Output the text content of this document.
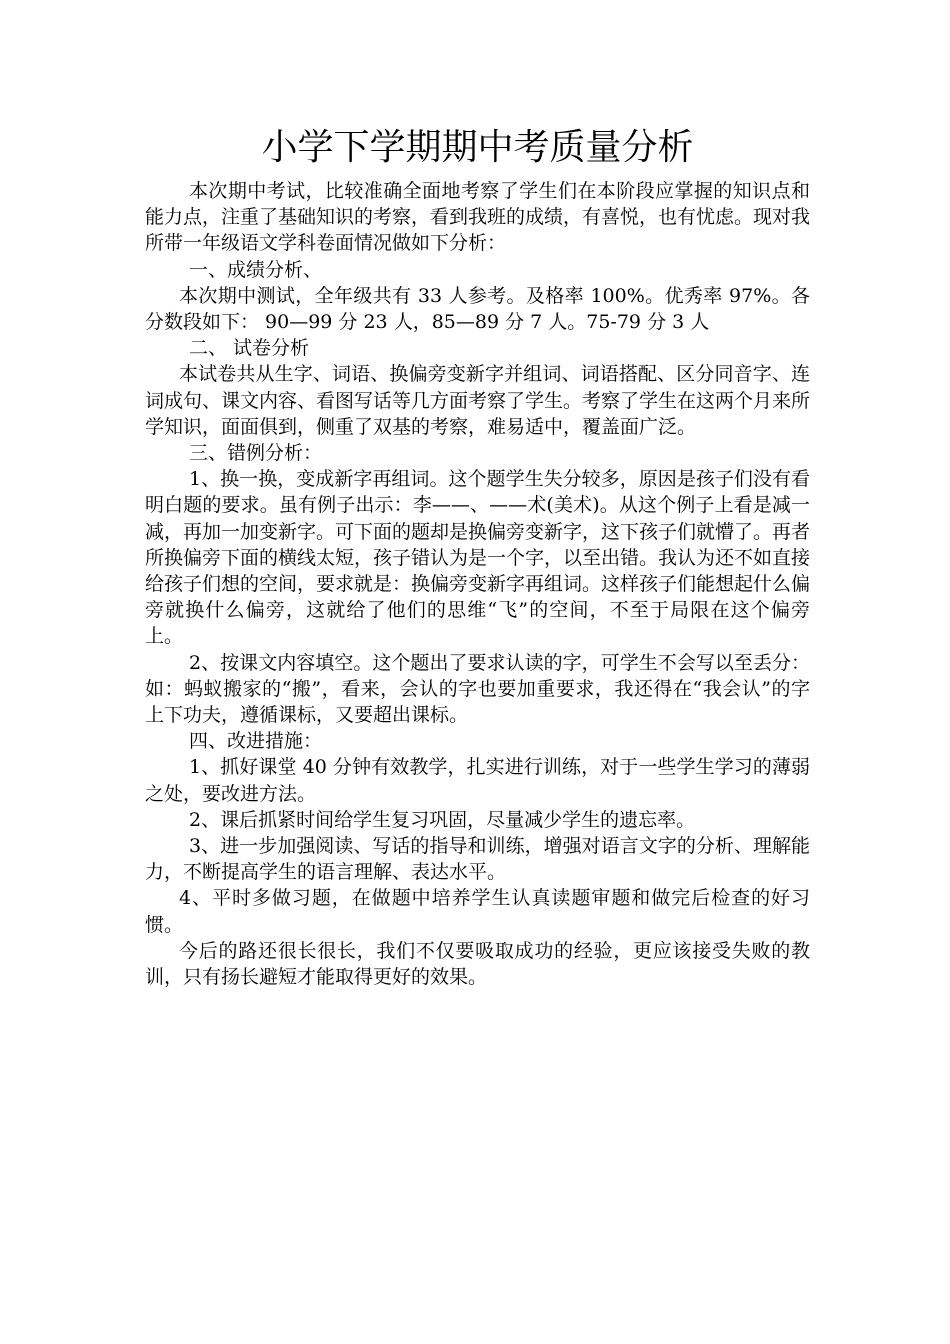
小学下学期期中考质量分析

本次期中考试，比较准确全面地考察了学生们在本阶段应掌握的知识点和能力点，注重了基础知识的考察，看到我班的成绩，有喜悦，也有忧虑。现对我所带一年级语文学科卷面情况做如下分析：

一、成绩分析、

本次期中测试，全年级共有 33 人参考。及格率 100%。优秀率 97%。各分数段如下： 90—99 分 23 人，85—89 分 7 人。75-79 分 3 人

二、 试卷分析

本试卷共从生字、词语、换偏旁变新字并组词、词语搭配、区分同音字、连词成句、课文内容、看图写话等几方面考察了学生。考察了学生在这两个月来所学知识，面面俱到，侧重了双基的考察，难易适中，覆盖面广泛。

三、错例分析：

1、换一换，变成新字再组词。这个题学生失分较多，原因是孩子们没有看明白题的要求。虽有例子出示：李——、——术(美术)。从这个例子上看是减一减，再加一加变新字。可下面的题却是换偏旁变新字，这下孩子们就懵了。再者所换偏旁下面的横线太短，孩子错认为是一个字，以至出错。我认为还不如直接给孩子们想的空间，要求就是：换偏旁变新字再组词。这样孩子们能想起什么偏旁就换什么偏旁，这就给了他们的思维“飞”的空间，不至于局限在这个偏旁上。

2、按课文内容填空。这个题出了要求认读的字，可学生不会写以至丢分：如：蚂蚁搬家的“搬”，看来，会认的字也要加重要求，我还得在“我会认”的字上下功夫，遵循课标，又要超出课标。

四、改进措施：

1、抓好课堂 40 分钟有效教学，扎实进行训练，对于一些学生学习的薄弱之处，要改进方法。

2、课后抓紧时间给学生复习巩固，尽量减少学生的遗忘率。

3、进一步加强阅读、写话的指导和训练，增强对语言文字的分析、理解能力，不断提高学生的语言理解、表达水平。

4、平时多做习题，在做题中培养学生认真读题审题和做完后检查的好习惯。

今后的路还很长很长，我们不仅要吸取成功的经验，更应该接受失败的教训，只有扬长避短才能取得更好的效果。
